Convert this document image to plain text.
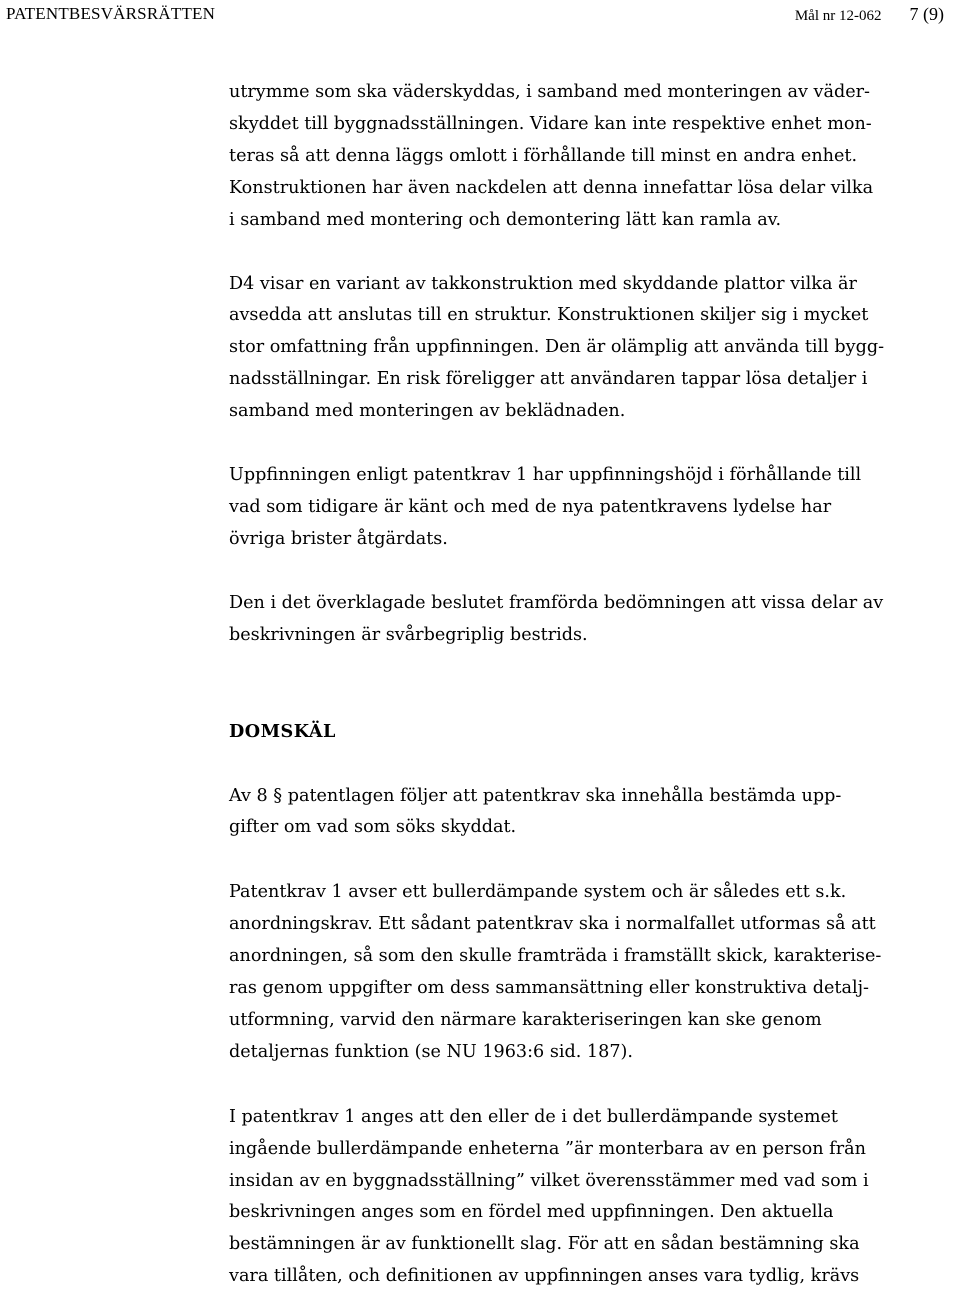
PATENTBESVÄRSRÄTTEN	Mål nr 12-062 7 (9)

utrymme som ska väderskyddas, i samband med monteringen av väder-
skyddet till byggnadsställningen. Vidare kan inte respektive enhet mon-
teras så att denna läggs omlott i förhållande till minst en andra enhet.
Konstruktionen har även nackdelen att denna innefattar lösa delar vilka
i samband med montering och demontering lätt kan ramla av.

D4 visar en variant av takkonstruktion med skyddande plattor vilka är
avsedda att anslutas till en struktur. Konstruktionen skiljer sig i mycket
stor omfattning från uppfinningen. Den är olämplig att använda till bygg-
nadsställningar. En risk föreligger att användaren tappar lösa detaljer i
samband med monteringen av beklädnaden.

Uppfinningen enligt patentkrav 1 har uppfinningshöjd i förhållande till
vad som tidigare är känt och med de nya patentkravens lydelse har
övriga brister åtgärdats.

Den i det överklagade beslutet framförda bedömningen att vissa delar av
beskrivningen är svårbegriplig bestrids.

DOMSKÄL

Av 8 § patentlagen följer att patentkrav ska innehålla bestämda upp-
gifter om vad som söks skyddat.

Patentkrav 1 avser ett bullerdämpande system och är således ett s.k.
anordningskrav. Ett sådant patentkrav ska i normalfallet utformas så att
anordningen, så som den skulle framträda i framställt skick, karakterise-
ras genom uppgifter om dess sammansättning eller konstruktiva detalj-
utformning, varvid den närmare karakteriseringen kan ske genom
detaljernas funktion (se NU 1963:6 sid. 187).

I patentkrav 1 anges att den eller de i det bullerdämpande systemet
ingående bullerdämpande enheterna ”är monterbara av en person från
insidan av en byggnadsställning” vilket överensstämmer med vad som i
beskrivningen anges som en fördel med uppfinningen. Den aktuella
bestämningen är av funktionellt slag. För att en sådan bestämning ska
vara tillåten, och definitionen av uppfinningen anses vara tydlig, krävs
